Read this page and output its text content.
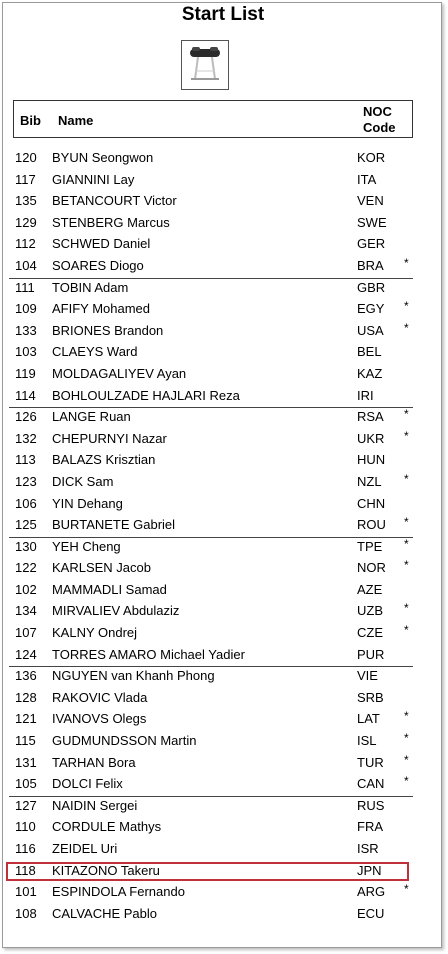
Start List
Bib Name
NOC
Code
120 BYUN Seongwon	KOR
117 GIANNINI Lay	ITA
135 BETANCOURT Victor	VEN
129 STENBERG Marcus	SWE
112 SCHWED Daniel	GER
104 SOARES Diogo	BRA *
111 TOBIN Adam	GBR
109 AFIFY Mohamed	EGY *
133 BRIONES Brandon	USA *
103 CLAEYS Ward	BEL
119 MOLDAGALIYEV Ayan	KAZ
114 BOHLOULZADE HAJLARI Reza	IRI
126 LANGE Ruan	RSA *
132 CHEPURNYI Nazar	UKR *
113 BALAZS Krisztian	HUN
123 DICK Sam	NZL *
106 YIN Dehang	CHN
125 BURTANETE Gabriel	ROU *
130 YEH Cheng	TPE *
122 KARLSEN Jacob	NOR *
102 MAMMADLI Samad	AZE
134 MIRVALIEV Abdulaziz	UZB *
107 KALNY Ondrej	CZE *
124 TORRES AMARO Michael Yadier	PUR
136 NGUYEN van Khanh Phong	VIE
128 RAKOVIC Vlada	SRB
121 IVANOVS Olegs	LAT *
115 GUDMUNDSSON Martin	ISL *
131 TARHAN Bora	TUR *
105 DOLCI Felix	CAN *
127 NAIDIN Sergei	RUS
110 CORDULE Mathys	FRA
116 ZEIDEL Uri	ISR
118 KITAZONO Takeru	JPN
101 ESPINDOLA Fernando	ARG *
108 CALVACHE Pablo	ECU
